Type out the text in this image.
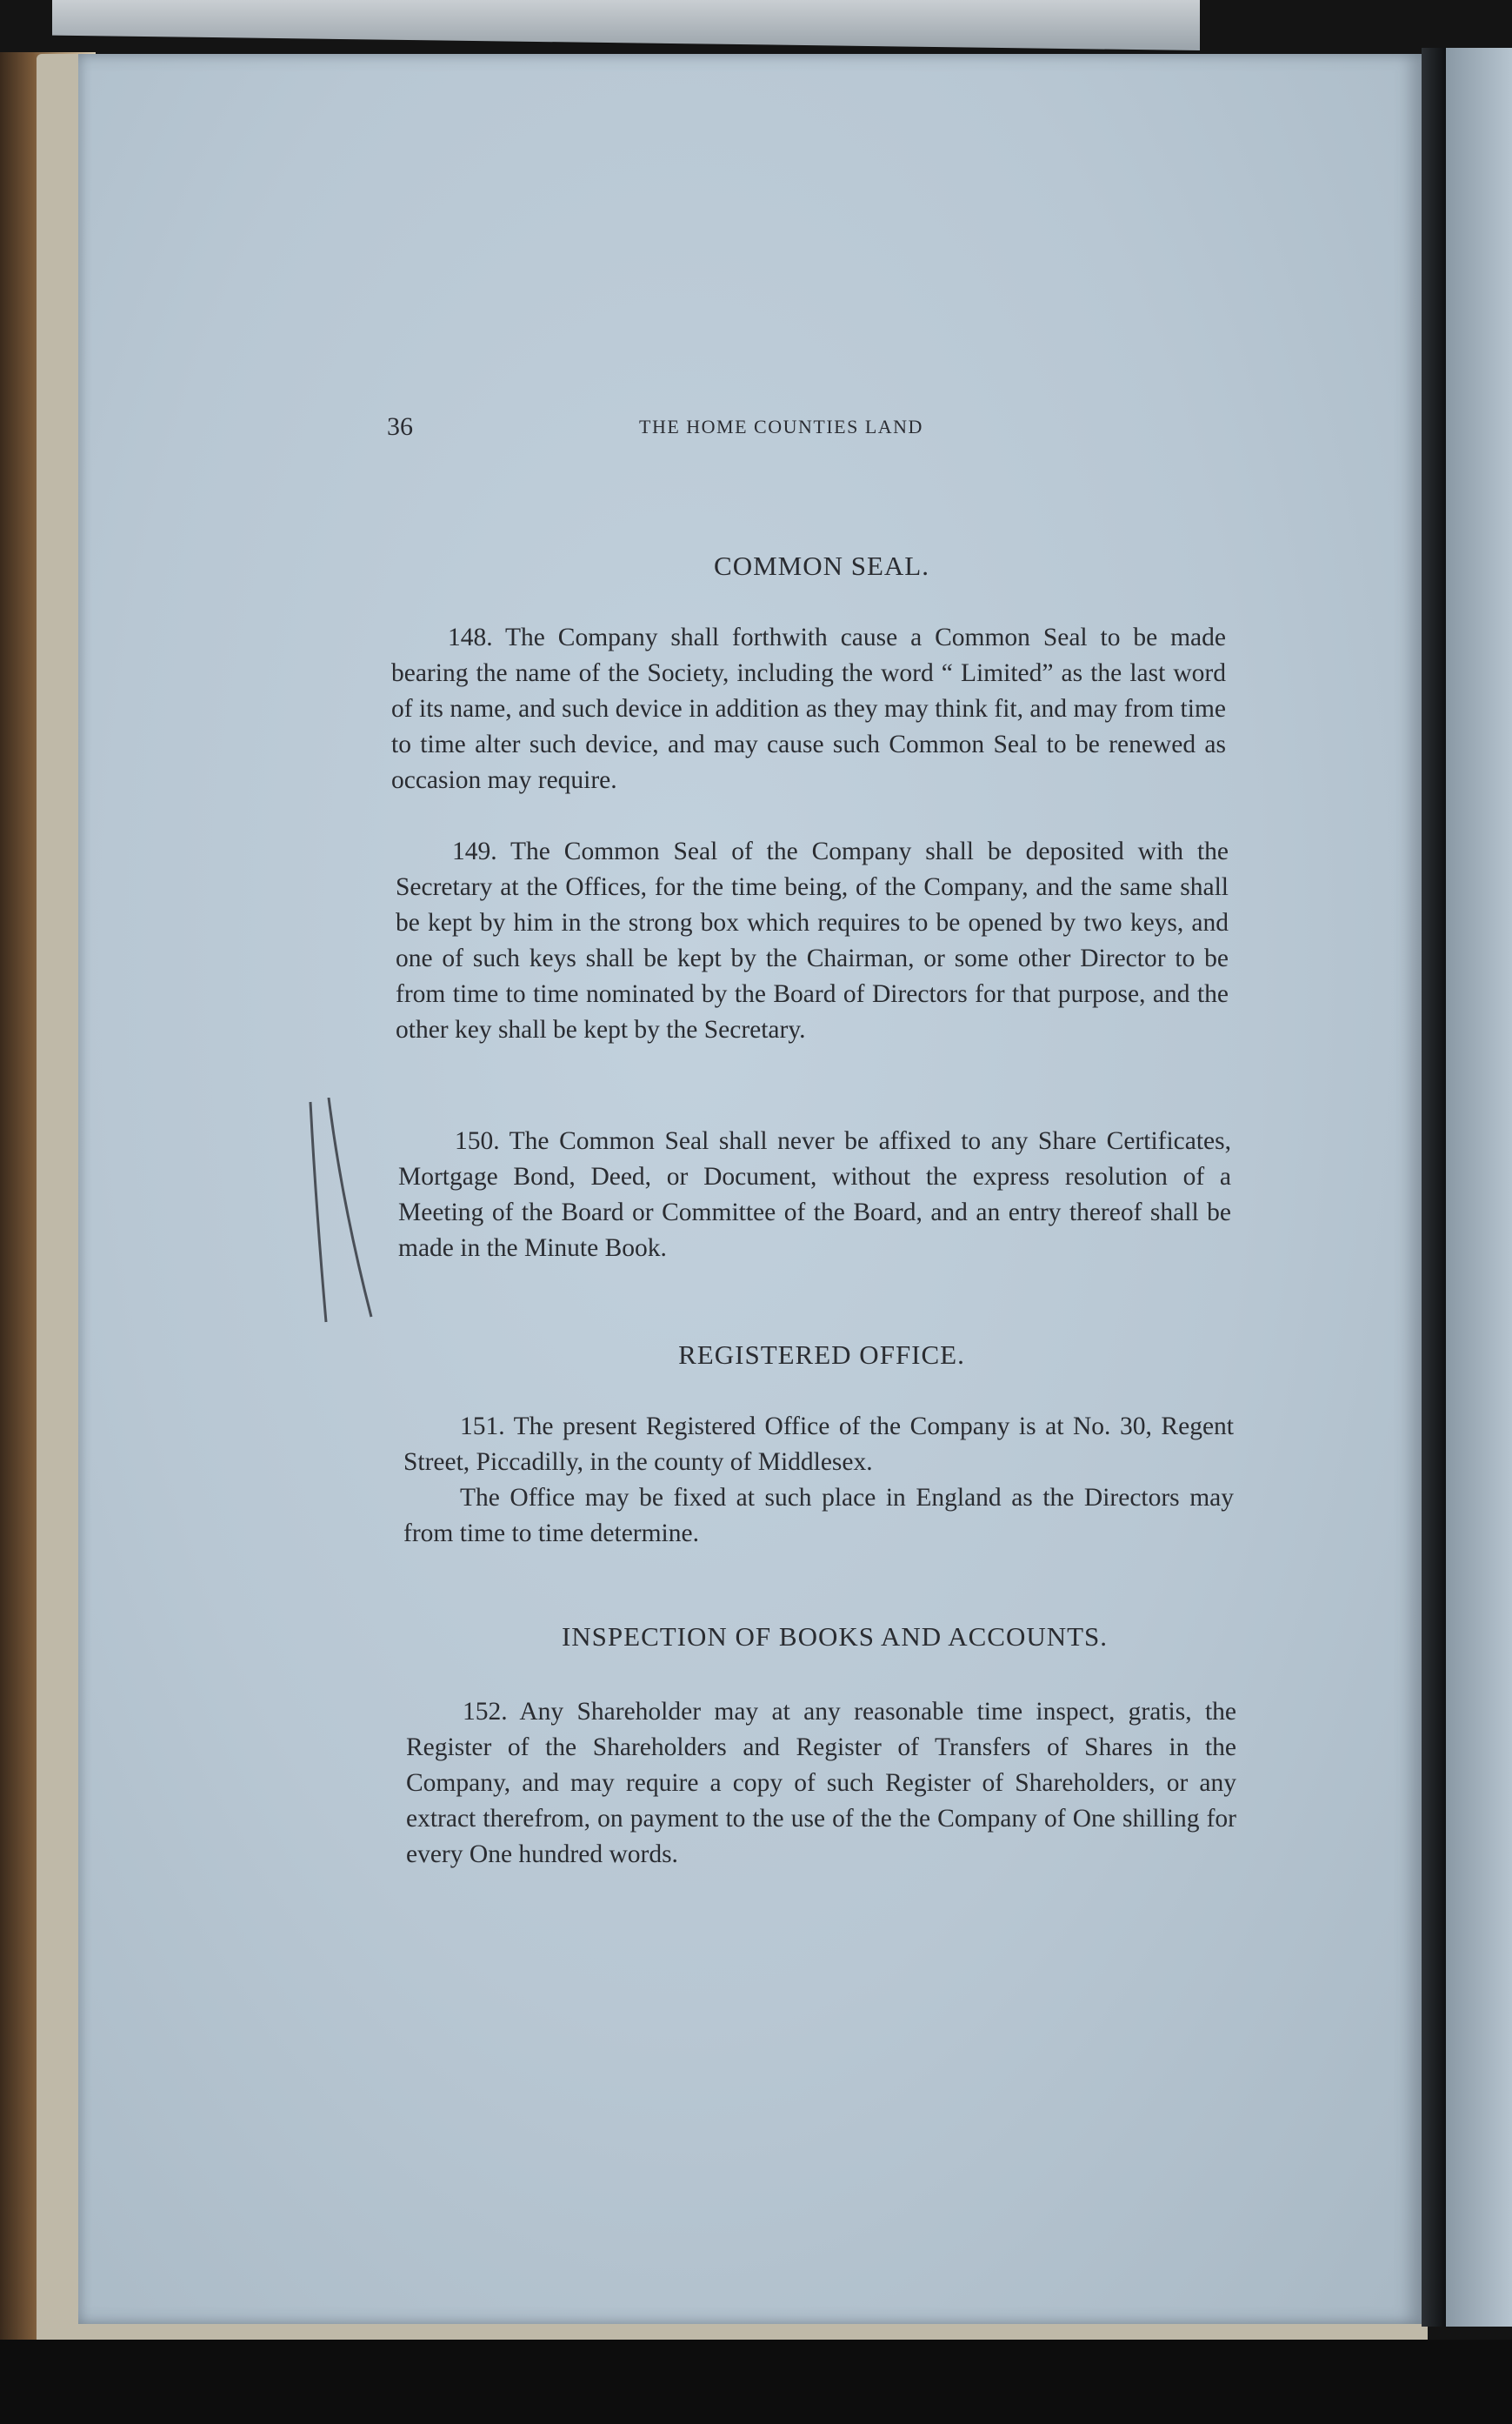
36	THE HOME COUNTIES LAND
COMMON SEAL.

148. The Company shall forthwith cause a Common Seal to be made bearing the name of the Society, including the word “ Limited” as the last word of its name, and such device in addition as they may think fit, and may from time to time alter such device, and may cause such Common Seal to be renewed as occasion may require.

149. The Common Seal of the Company shall be deposited with the Secretary at the Offices, for the time being, of the Company, and the same shall be kept by him in the strong box which requires to be opened by two keys, and one of such keys shall be kept by the Chairman, or some other Director to be from time to time nominated by the Board of Directors for that purpose, and the other key shall be kept by the Secretary.

150. The Common Seal shall never be affixed to any Share Certificates, Mortgage Bond, Deed, or Document, without the express resolution of a Meeting of the Board or Committee of the Board, and an entry thereof shall be made in the Minute Book.

REGISTERED OFFICE.

151. The present Registered Office of the Company is at No. 30, Regent Street, Piccadilly, in the county of Middlesex.

The Office may be fixed at such place in England as the Directors may from time to time determine.

INSPECTION OF BOOKS AND ACCOUNTS.

152. Any Shareholder may at any reasonable time inspect, gratis, the Register of the Shareholders and Register of Transfers of Shares in the Company, and may require a copy of such Register of Shareholders, or any extract therefrom, on payment to the use of the the Company of One shilling for every One hundred words.
